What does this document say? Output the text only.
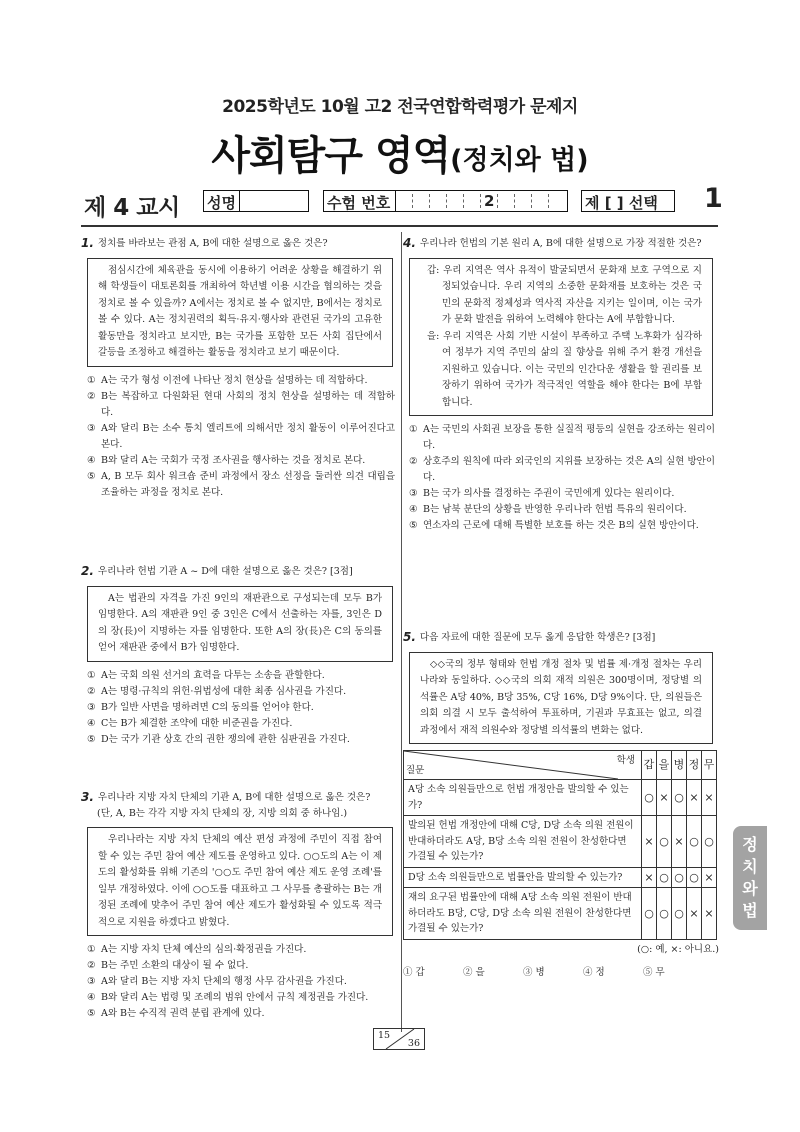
2025학년도 10월 고2 전국연합학력평가 문제지
사회탐구 영역(정치와 법)
제 4 교시 성명	수험 번호	2	제 [ ] 선택 1
1. 정치를 바라보는 관점 A, B에 대한 설명으로 옳은 것은?
점심시간에 체육관을 동시에 이용하기 어려운 상황을 해결하기 위해 학생들이 대토론회를 개최하여 학년별 이용 시간을 협의하는 것을 정치로 볼 수 있을까? A에서는 정치로 볼 수 없지만, B에서는 정치로 볼 수 있다. A는 정치권력의 획득·유지·행사와 관련된 국가의 고유한 활동만을 정치라고 보지만, B는 국가를 포함한 모든 사회 집단에서 갈등을 조정하고 해결하는 활동을 정치라고 보기 때문이다.
① A는 국가 형성 이전에 나타난 정치 현상을 설명하는 데 적합하다.
② B는 복잡하고 다원화된 현대 사회의 정치 현상을 설명하는 데 적합하다.
③ A와 달리 B는 소수 통치 엘리트에 의해서만 정치 활동이 이루어진다고 본다.
④ B와 달리 A는 국회가 국정 조사권을 행사하는 것을 정치로 본다.
⑤ A, B 모두 회사 워크숍 준비 과정에서 장소 선정을 둘러싼 의견 대립을 조율하는 과정을 정치로 본다.
2. 우리나라 헌법 기관 A ~ D에 대한 설명으로 옳은 것은? [3점]
A는 법관의 자격을 가진 9인의 재판관으로 구성되는데 모두 B가 임명한다. A의 재판관 9인 중 3인은 C에서 선출하는 자를, 3인은 D의 장(長)이 지명하는 자를 임명한다. 또한 A의 장(長)은 C의 동의를 얻어 재판관 중에서 B가 임명한다.
① A는 국회 의원 선거의 효력을 다투는 소송을 관할한다.
② A는 명령·규칙의 위헌·위법성에 대한 최종 심사권을 가진다.
③ B가 일반 사면을 명하려면 C의 동의를 얻어야 한다.
④ C는 B가 체결한 조약에 대한 비준권을 가진다.
⑤ D는 국가 기관 상호 간의 권한 쟁의에 관한 심판권을 가진다.
3. 우리나라 지방 자치 단체의 기관 A, B에 대한 설명으로 옳은 것은?
(단, A, B는 각각 지방 자치 단체의 장, 지방 의회 중 하나임.)
우리나라는 지방 자치 단체의 예산 편성 과정에 주민이 직접 참여할 수 있는 주민 참여 예산 제도를 운영하고 있다. ○○도의 A는 이 제도의 활성화를 위해 기존의 '○○도 주민 참여 예산 제도 운영 조례'를 일부 개정하였다. 이에 ○○도를 대표하고 그 사무를 총괄하는 B는 개정된 조례에 맞추어 주민 참여 예산 제도가 활성화될 수 있도록 적극적으로 지원을 하겠다고 밝혔다.
① A는 지방 자치 단체 예산의 심의·확정권을 가진다.
② B는 주민 소환의 대상이 될 수 없다.
③ A와 달리 B는 지방 자치 단체의 행정 사무 감사권을 가진다.
④ B와 달리 A는 법령 및 조례의 범위 안에서 규칙 제정권을 가진다.
⑤ A와 B는 수직적 권력 분립 관계에 있다.
4. 우리나라 헌법의 기본 원리 A, B에 대한 설명으로 가장 적절한 것은?
갑: 우리 지역은 역사 유적이 발굴되면서 문화재 보호 구역으로 지정되었습니다. 우리 지역의 소중한 문화재를 보호하는 것은 국민의 문화적 정체성과 역사적 자산을 지키는 일이며, 이는 국가가 문화 발전을 위하여 노력해야 한다는 A에 부합합니다.
을: 우리 지역은 사회 기반 시설이 부족하고 주택 노후화가 심각하여 정부가 지역 주민의 삶의 질 향상을 위해 주거 환경 개선을 지원하고 있습니다. 이는 국민의 인간다운 생활을 할 권리를 보장하기 위하여 국가가 적극적인 역할을 해야 한다는 B에 부합합니다.
① A는 국민의 사회권 보장을 통한 실질적 평등의 실현을 강조하는 원리이다.
② 상호주의 원칙에 따라 외국인의 지위를 보장하는 것은 A의 실현 방안이다.
③ B는 국가 의사를 결정하는 주권이 국민에게 있다는 원리이다.
④ B는 남북 분단의 상황을 반영한 우리나라 헌법 특유의 원리이다.
⑤ 연소자의 근로에 대해 특별한 보호를 하는 것은 B의 실현 방안이다.
5. 다음 자료에 대한 질문에 모두 옳게 응답한 학생은? [3점]
◇◇국의 정부 형태와 헌법 개정 절차 및 법률 제·개정 절차는 우리나라와 동일하다. ◇◇국의 의회 재적 의원은 300명이며, 정당별 의석률은 A당 40%, B당 35%, C당 16%, D당 9%이다. 단, 의원들은 의회 의결 시 모두 출석하여 투표하며, 기권과 무효표는 없고, 의결 과정에서 재적 의원수와 정당별 의석률의 변화는 없다.
학생
질문	갑	을	병	정	무
A당 소속 의원들만으로 헌법 개정안을 발의할 수 있는가?	○	×	○	×	×
발의된 헌법 개정안에 대해 C당, D당 소속 의원 전원이 반대하더라도 A당, B당 소속 의원 전원이 찬성한다면 가결될 수 있는가?	×	○	×	○	○
D당 소속 의원들만으로 법률안을 발의할 수 있는가?	×	○	○	○	×
재의 요구된 법률안에 대해 A당 소속 의원 전원이 반대하더라도 B당, C당, D당 소속 의원 전원이 찬성한다면 가결될 수 있는가?	○	○	○	×	×
(○: 예, ×: 아니요.)
① 갑	② 을	③ 병	④ 정	⑤ 무
정
치
와
법
15
36
